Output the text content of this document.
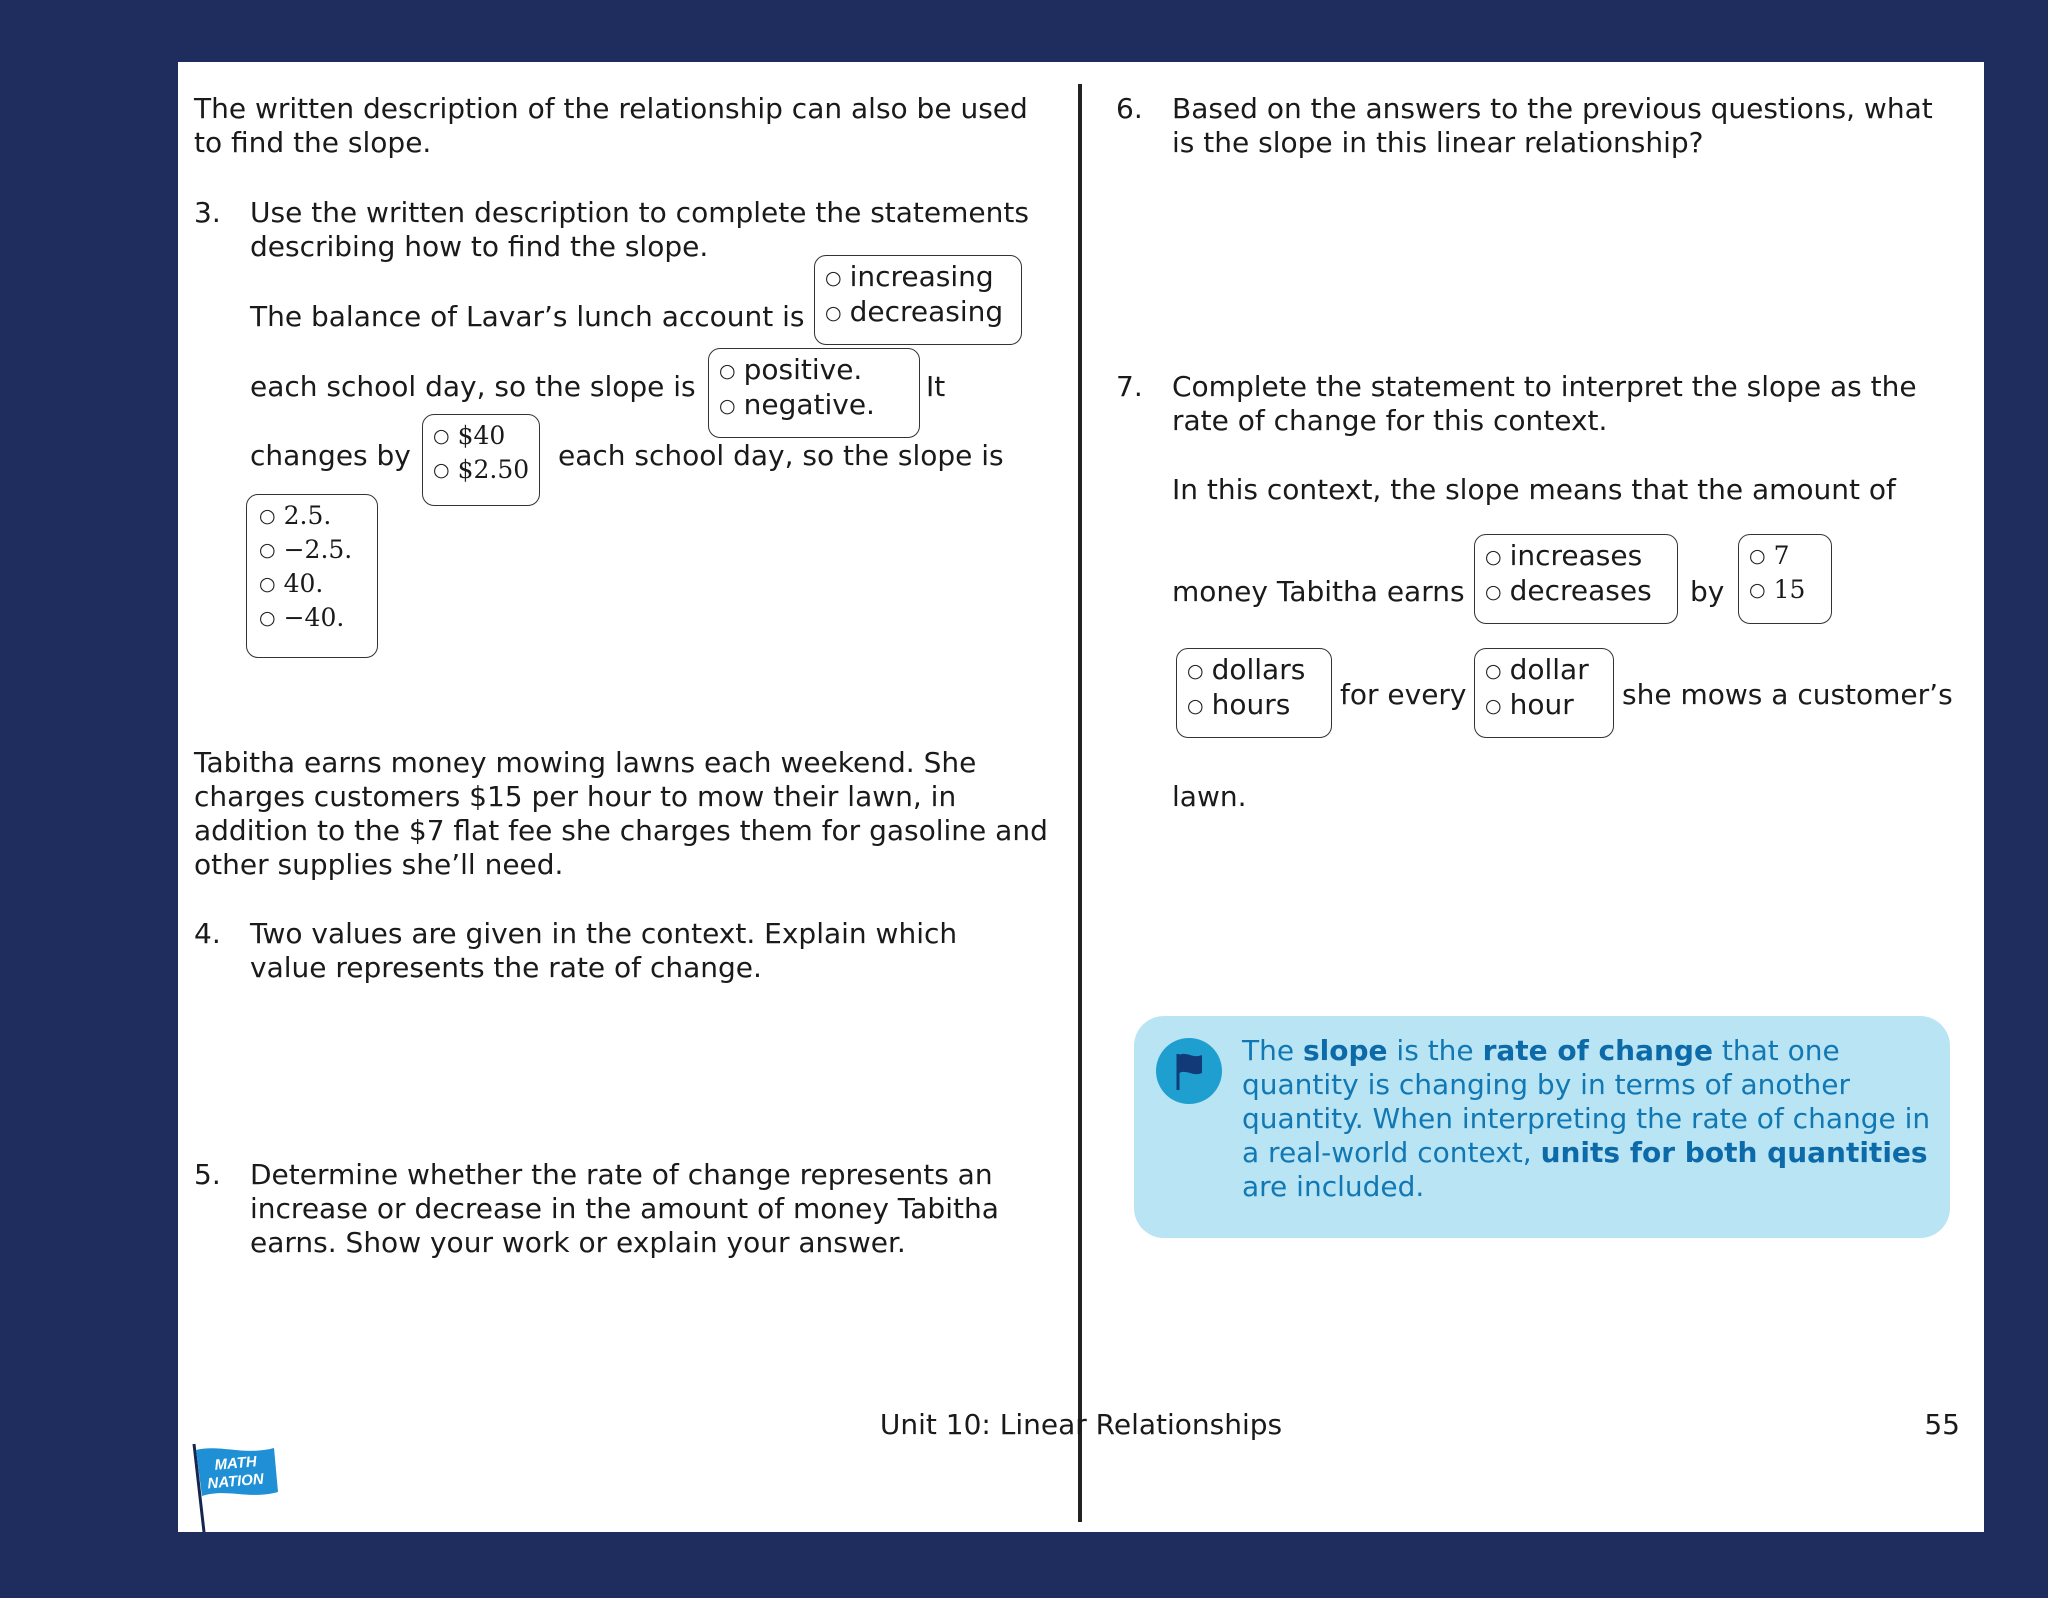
The written description of the relationship can also be used to find the slope.

3. Use the written description to complete the statements describing how to find the slope.

The balance of Lavar’s lunch account is
○ increasing
○ decreasing
each school day, so the slope is ○ positive.
○ negative.
It
changes by
○ $40
○ $2.50 each school day, so the slope is
○ 2.5.
○ −2.5.
○ 40.
○ −40.

Tabitha earns money mowing lawns each weekend. She charges customers $15 per hour to mow their lawn, in addition to the $7 flat fee she charges them for gasoline and other supplies she’ll need.

4. Two values are given in the context. Explain which value represents the rate of change.

5. Determine whether the rate of change represents an increase or decrease in the amount of money Tabitha earns. Show your work or explain your answer.

6. Based on the answers to the previous questions, what is the slope in this linear relationship?

7. Complete the statement to interpret the slope as the rate of change for this context.

In this context, the slope means that the amount of
money Tabitha earns
○ increases
○ decreases	by
○ 7
○ 15
○ dollars
○ hours	for every
○ dollar
○ hour	she mows a customer’s
lawn.
The slope is the rate of change that one quantity is changing by in terms of another quantity. When interpreting the rate of change in a real-world context, units for both quantities are included.
MATH
NATION
Unit 10: Linear Relationships	55
